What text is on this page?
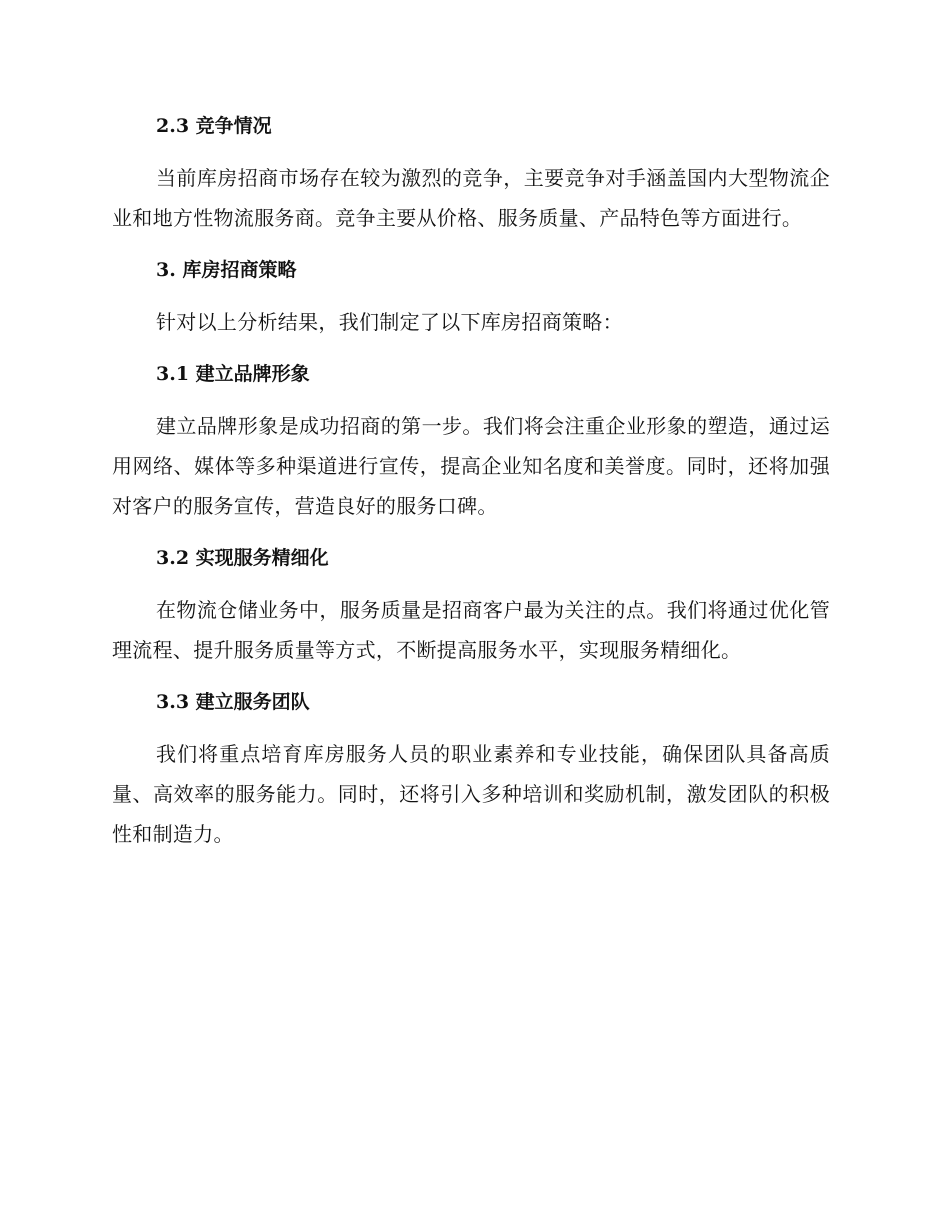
2.3 竞争情况
当前库房招商市场存在较为激烈的竞争，主要竞争对手涵盖国内大型物流企业和地方性物流服务商。竞争主要从价格、服务质量、产品特色等方面进行。
3. 库房招商策略
针对以上分析结果，我们制定了以下库房招商策略：
3.1 建立品牌形象
建立品牌形象是成功招商的第一步。我们将会注重企业形象的塑造，通过运用网络、媒体等多种渠道进行宣传，提高企业知名度和美誉度。同时，还将加强对客户的服务宣传，营造良好的服务口碑。
3.2 实现服务精细化
在物流仓储业务中，服务质量是招商客户最为关注的点。我们将通过优化管理流程、提升服务质量等方式，不断提高服务水平，实现服务精细化。
3.3 建立服务团队
我们将重点培育库房服务人员的职业素养和专业技能，确保团队具备高质量、高效率的服务能力。同时，还将引入多种培训和奖励机制，激发团队的积极性和制造力。
